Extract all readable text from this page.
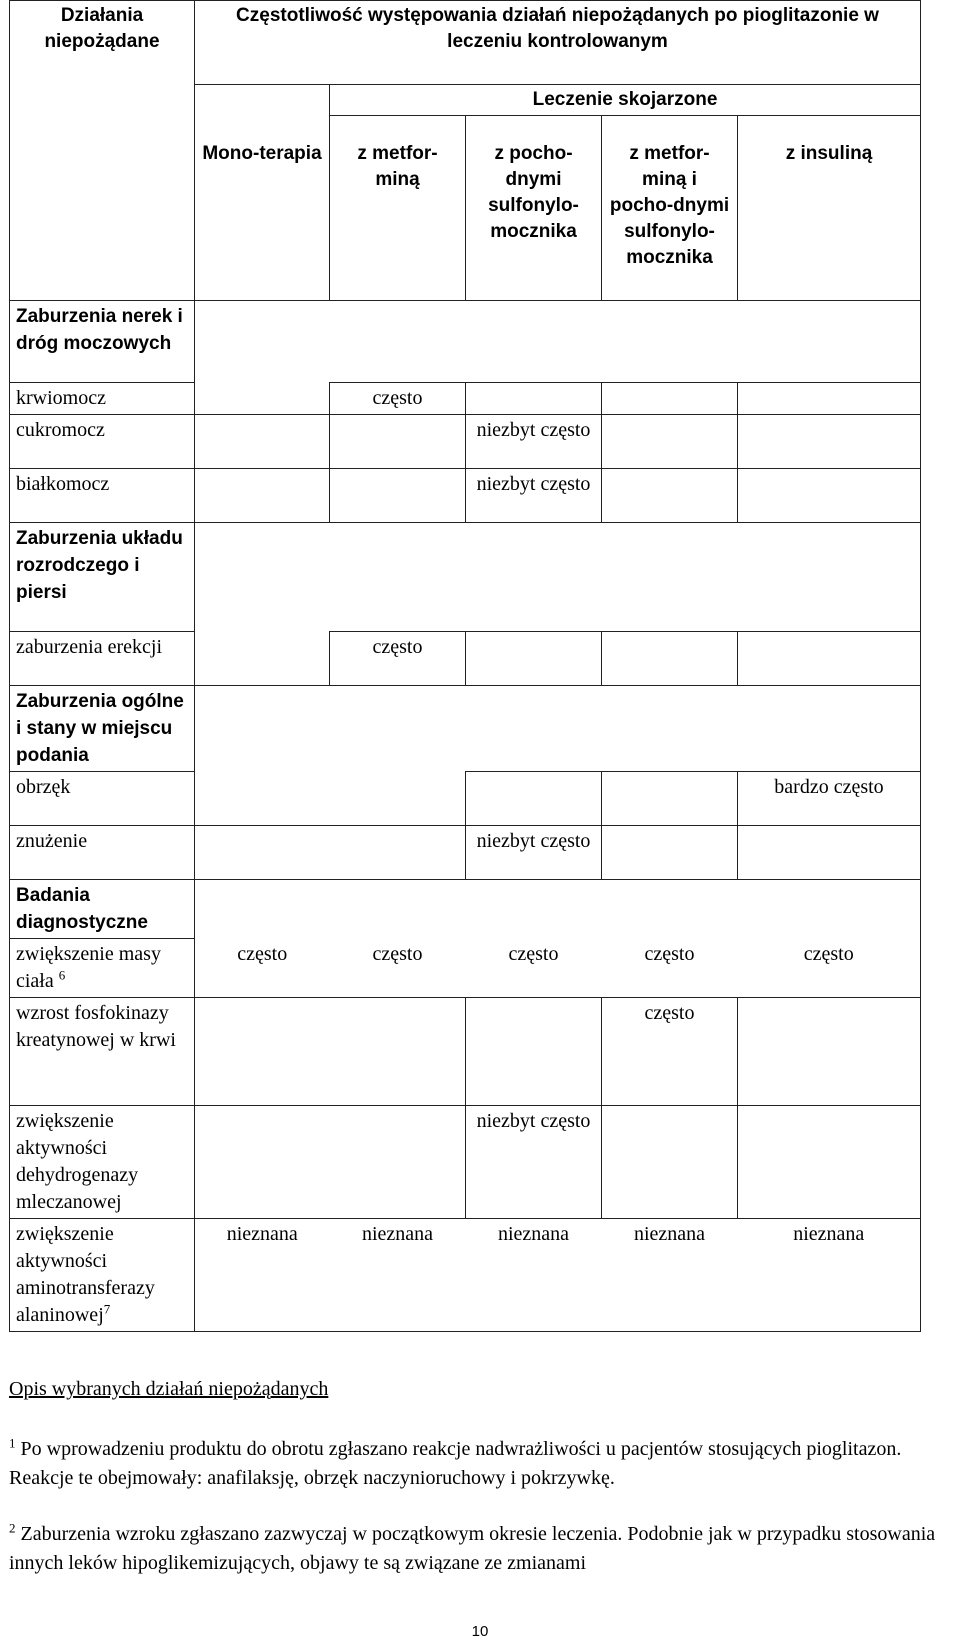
Działania niepożądane	Częstotliwość występowania działań niepożądanych po pioglitazonie w leczeniu kontrolowanym				
		Leczenie skojarzone			
	Mono-terapia	z metfor-miną	z pocho-dnymi sulfonylo-mocznika	z metfor-miną i pocho-dnymi sulfonylo-mocznika	z insuliną
Zaburzenia nerek i dróg moczowych					
krwiomocz		często			
cukromocz			niezbyt często		
białkomocz			niezbyt często		
Zaburzenia układu rozrodczego i piersi					
zaburzenia erekcji		często			
Zaburzenia ogólne i stany w miejscu podania					
obrzęk					bardzo często
znużenie			niezbyt często		
Badania diagnostyczne					
zwiększenie masy ciała $^6$	często	często	często	często	często
wzrost fosfokinazy kreatynowej w krwi				często	
zwiększenie aktywności dehydrogenazy mleczanowej			niezbyt często		
zwiększenie aktywności aminotransferazy alaninowej$^7$	nieznana	nieznana	nieznana	nieznana	nieznana
Opis wybranych działań niepożądanych
$^1$ Po wprowadzeniu produktu do obrotu zgłaszano reakcje nadwrażliwości u pacjentów stosujących pioglitazon. Reakcje te obejmowały: anafilaksję, obrzęk naczynioruchowy i pokrzywkę.
$^2$ Zaburzenia wzroku zgłaszano zazwyczaj w początkowym okresie leczenia. Podobnie jak w przypadku stosowania innych leków hipoglikemizujących, objawy te są związane ze zmianami
10
